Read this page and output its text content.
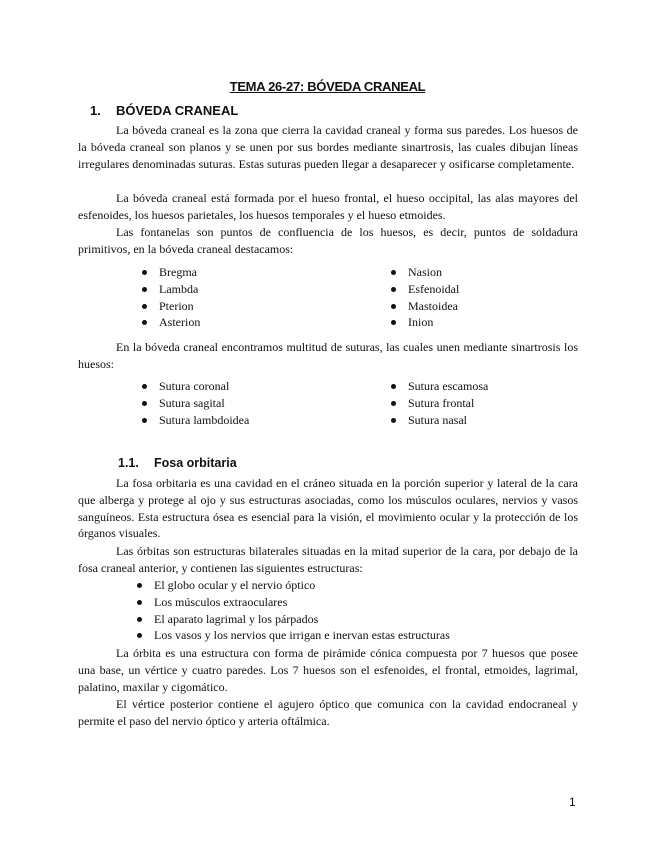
TEMA 26-27: BÓVEDA CRANEAL
1. BÓVEDA CRANEAL

La bóveda craneal es la zona que cierra la cavidad craneal y forma sus paredes. Los huesos de la bóveda craneal son planos y se unen por sus bordes mediante sinartrosis, las cuales dibujan líneas irregulares denominadas suturas. Estas suturas pueden llegar a desaparecer y osificarse completamente.

La bóveda craneal está formada por el hueso frontal, el hueso occipital, las alas mayores del esfenoides, los huesos parietales, los huesos temporales y el hueso etmoides.

Las fontanelas son puntos de confluencia de los huesos, es decir, puntos de soldadura primitivos, en la bóveda craneal destacamos:

Bregma
Lambda
Pterion
Asterion
Nasion
Esfenoidal
Mastoidea
Inion

En la bóveda craneal encontramos multitud de suturas, las cuales unen mediante sinartrosis los huesos:

Sutura coronal
Sutura sagital
Sutura lambdoidea
Sutura escamosa
Sutura frontal
Sutura nasal
1.1. Fosa orbitaria

La fosa orbitaria es una cavidad en el cráneo situada en la porción superior y lateral de la cara que alberga y protege al ojo y sus estructuras asociadas, como los músculos oculares, nervios y vasos sanguíneos. Esta estructura ósea es esencial para la visión, el movimiento ocular y la protección de los órganos visuales.

Las órbitas son estructuras bilaterales situadas en la mitad superior de la cara, por debajo de la fosa craneal anterior, y contienen las siguientes estructuras:

El globo ocular y el nervio óptico
Los músculos extraoculares
El aparato lagrimal y los párpados
Los vasos y los nervios que irrigan e inervan estas estructuras

La órbita es una estructura con forma de pirámide cónica compuesta por 7 huesos que posee una base, un vértice y cuatro paredes. Los 7 huesos son el esfenoides, el frontal, etmoides, lagrimal, palatino, maxilar y cigomático.

El vértice posterior contiene el agujero óptico que comunica con la cavidad endocraneal y permite el paso del nervio óptico y arteria oftálmica.

1
